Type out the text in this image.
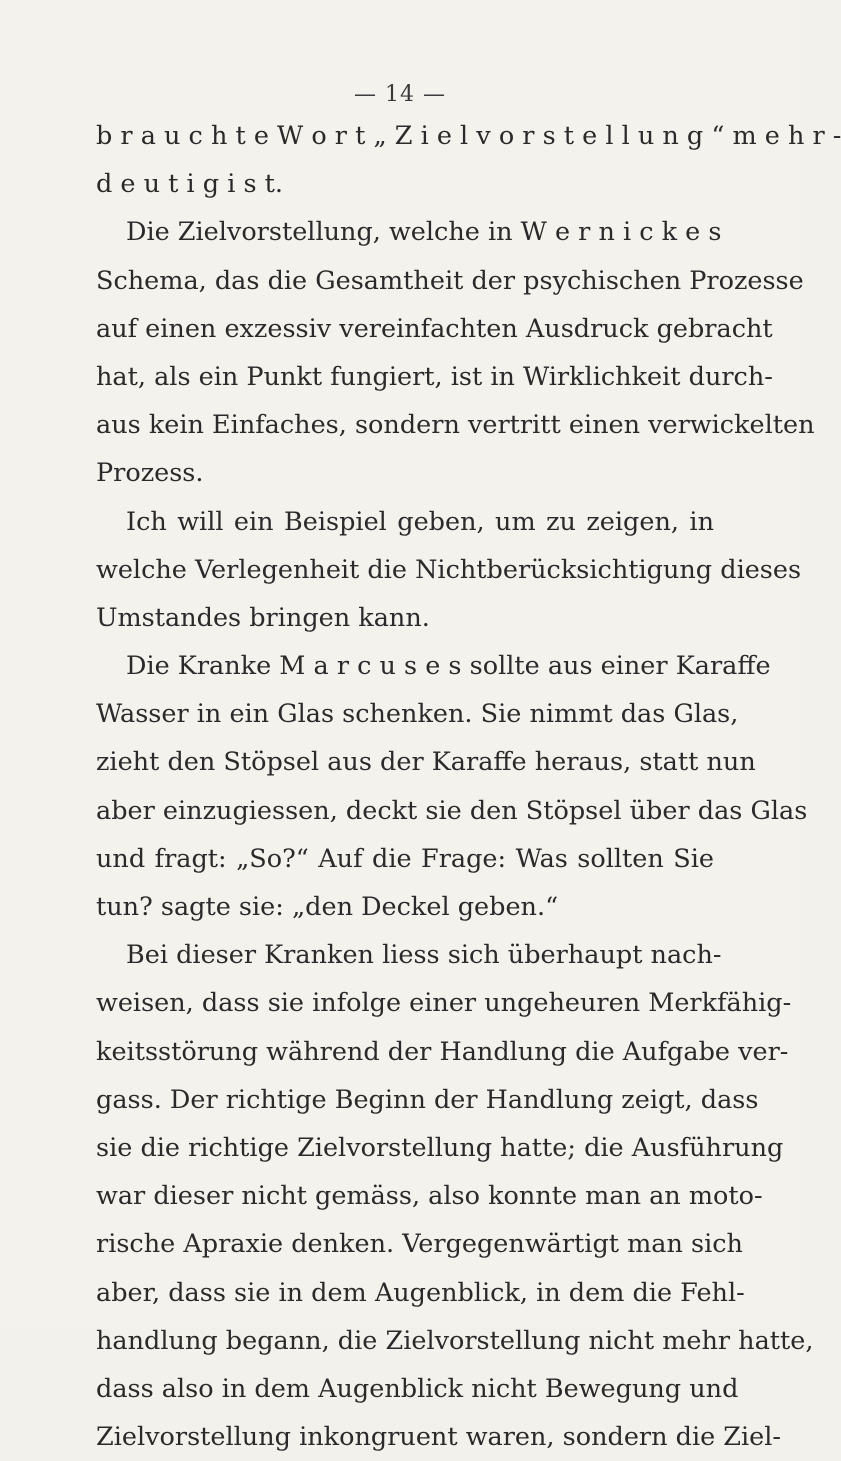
— 14 —
b r a u c h t e W o r t „ Z i e l v o r s t e l l u n g “ m e h r -
d e u t i g i s t.
Die Zielvorstellung, welche in W e r n i c k e s
Schema, das die Gesamtheit der psychischen Prozesse
auf einen exzessiv vereinfachten Ausdruck gebracht
hat, als ein Punkt fungiert, ist in Wirklichkeit durch-
aus kein Einfaches, sondern vertritt einen verwickelten
Prozess.
Ich will ein Beispiel geben, um zu zeigen, in
welche Verlegenheit die Nichtberücksichtigung dieses
Umstandes bringen kann.
Die Kranke M a r c u s e s sollte aus einer Karaffe
Wasser in ein Glas schenken. Sie nimmt das Glas,
zieht den Stöpsel aus der Karaffe heraus, statt nun
aber einzugiessen, deckt sie den Stöpsel über das Glas
und fragt: „So?“ Auf die Frage: Was sollten Sie
tun? sagte sie: „den Deckel geben.“
Bei dieser Kranken liess sich überhaupt nach-
weisen, dass sie infolge einer ungeheuren Merkfähig-
keitsstörung während der Handlung die Aufgabe ver-
gass. Der richtige Beginn der Handlung zeigt, dass
sie die richtige Zielvorstellung hatte; die Ausführung
war dieser nicht gemäss, also konnte man an moto-
rische Apraxie denken. Vergegenwärtigt man sich
aber, dass sie in dem Augenblick, in dem die Fehl-
handlung begann, die Zielvorstellung nicht mehr hatte,
dass also in dem Augenblick nicht Bewegung und
Zielvorstellung inkongruent waren, sondern die Ziel-
